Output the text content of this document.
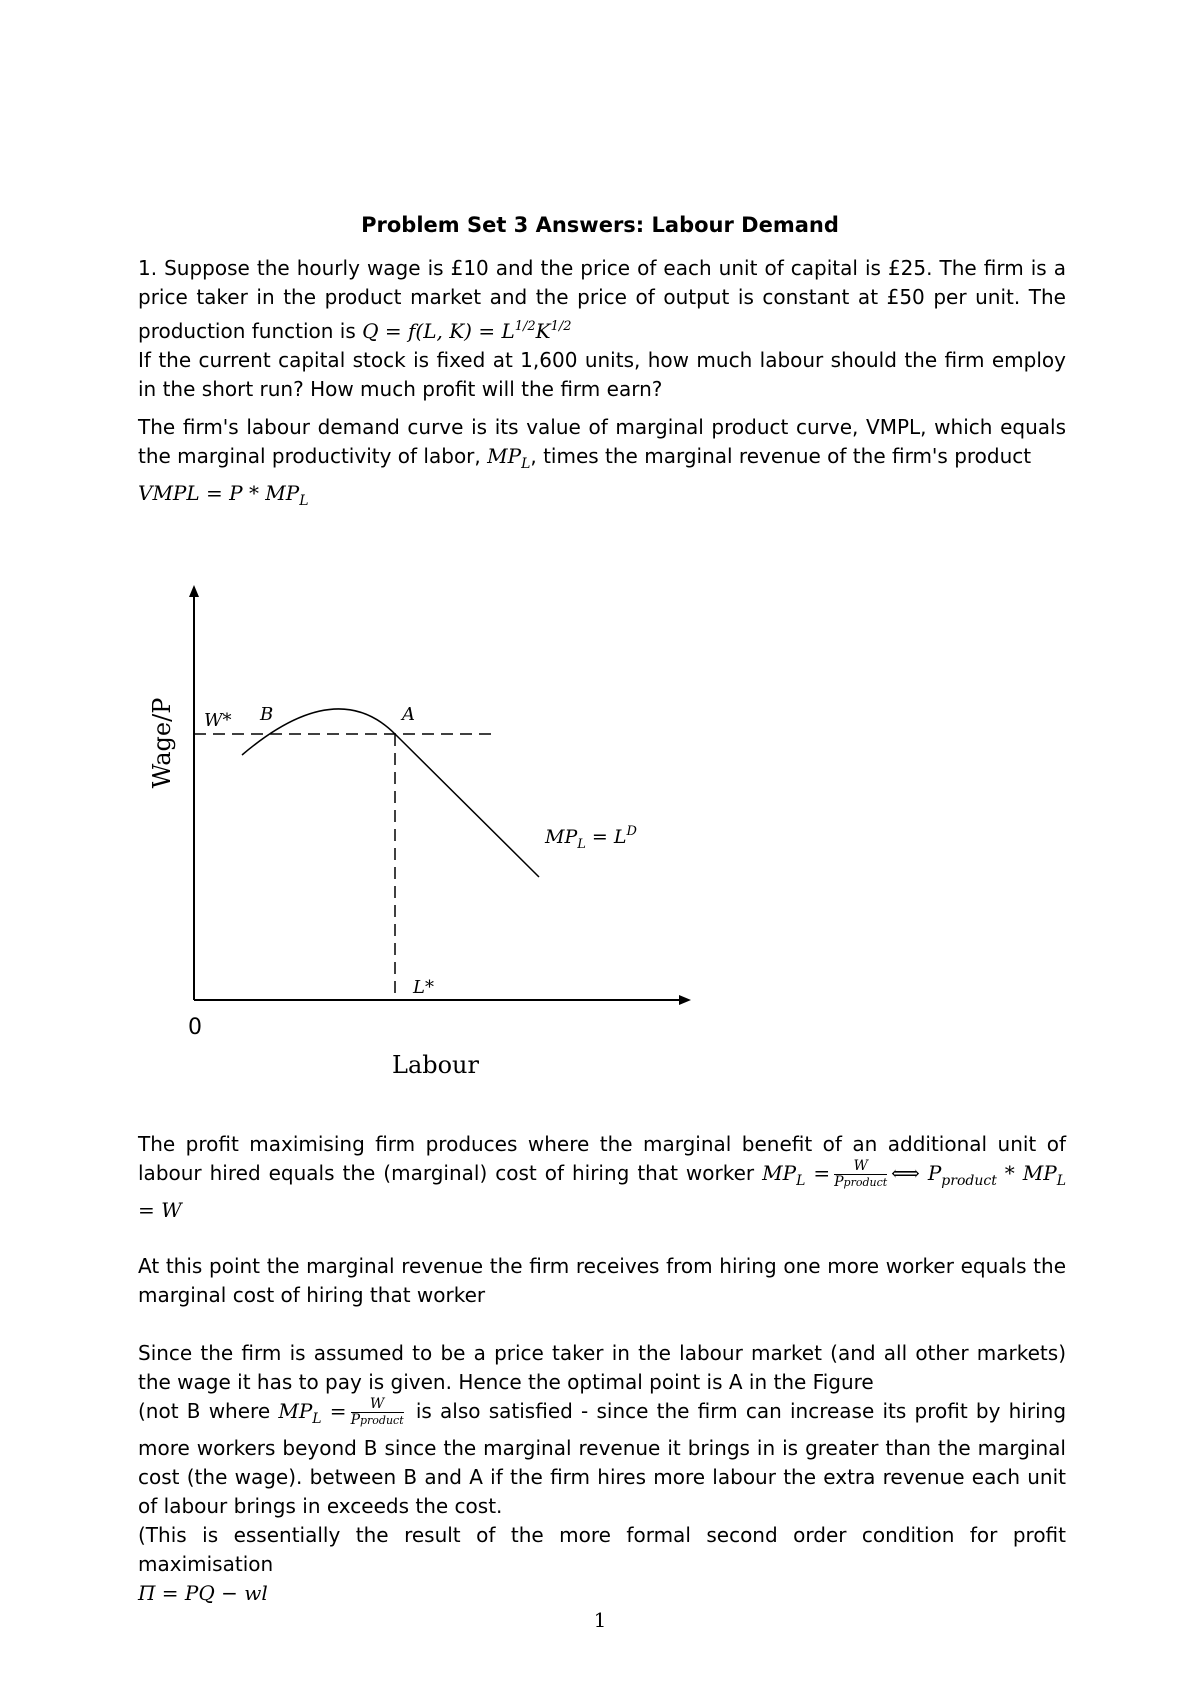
Problem Set 3 Answers: Labour Demand
1. Suppose the hourly wage is £10 and the price of each unit of capital is £25. The firm is a price taker in the product market and the price of output is constant at £50 per unit. The production function is Q = f(L, $K) = L^{1/2}K^{1/2}$
If the current capital stock is fixed at 1,600 units, how much labour should the firm employ in the short run? How much profit will the firm earn?
The firm's labour demand curve is its value of marginal product curve, VMPL, which equals the marginal productivity of labor, $MP_L$, times the marginal revenue of the firm's product
VMPL = P * $MP_L$
W* B	A
L*
0
Labour
Wage/P
$MP_L = L^D$
The profit maximising firm produces where the marginal benefit of an additional unit of labour hired equals the (marginal) cost of hiring that worker $MP_L = \frac{W}{\text{Pproduct}}$ ⟺ $P_{product} * MP_L = W$
At this point the marginal revenue the firm receives from hiring one more worker equals the marginal cost of hiring that worker
Since the firm is assumed to be a price taker in the labour market (and all other markets) the wage it has to pay is given. Hence the optimal point is A in the Figure
(not B where $MP_L = \frac{W}{\text{Pproduct}}$ is also satisfied - since the firm can increase its profit by hiring more workers beyond B since the marginal revenue it brings in is greater than the marginal cost (the wage). between B and A if the firm hires more labour the extra revenue each unit of labour brings in exceeds the cost.
(This is essentially the result of the more formal second order condition for profit maximisation
Π = PQ − wl
1
